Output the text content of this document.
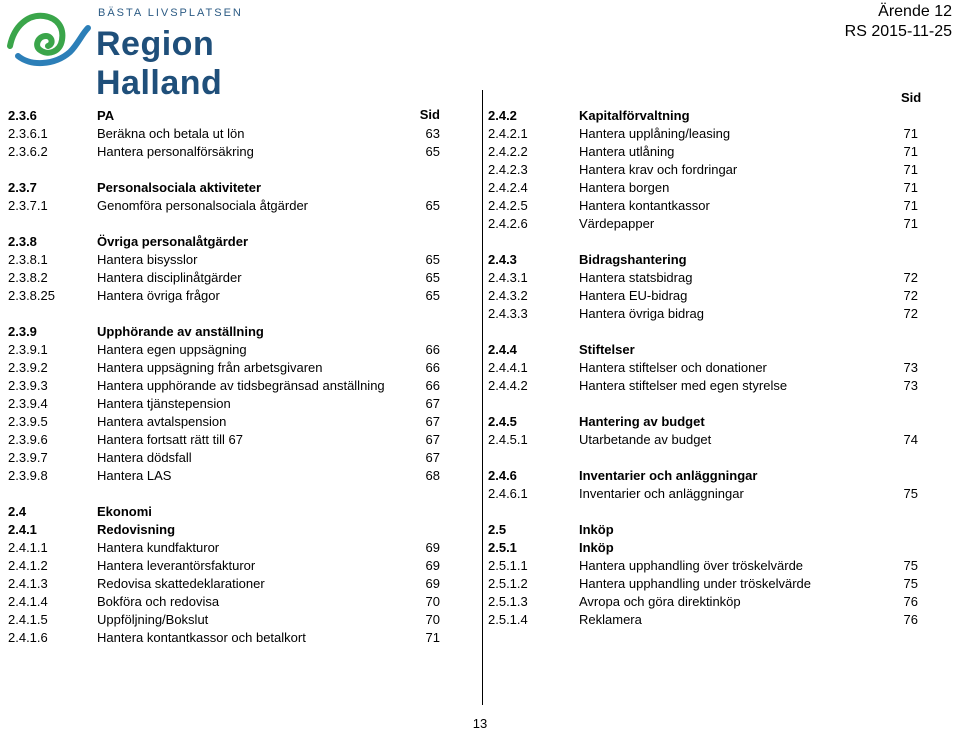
BÄSTA LIVSPLATSEN
Region Halland
Ärende 12
RS 2015-11-25
Sid
Sid
2.3.6	PA
2.3.6.1	Beräkna och betala ut lön	63
2.3.6.2	Hantera personalförsäkring	65
2.3.7	Personalsociala aktiviteter
2.3.7.1	Genomföra personalsociala åtgärder	65
2.3.8	Övriga personalåtgärder
2.3.8.1	Hantera bisysslor	65
2.3.8.2	Hantera disciplinåtgärder	65
2.3.8.25	Hantera övriga frågor	65
2.3.9	Upphörande av anställning
2.3.9.1	Hantera egen uppsägning	66
2.3.9.2	Hantera uppsägning från arbetsgivaren	66
2.3.9.3	Hantera upphörande av tidsbegränsad anställning	66
2.3.9.4	Hantera tjänstepension	67
2.3.9.5	Hantera avtalspension	67
2.3.9.6	Hantera fortsatt rätt till 67	67
2.3.9.7	Hantera dödsfall	67
2.3.9.8	Hantera LAS	68
2.4	Ekonomi
2.4.1	Redovisning
2.4.1.1	Hantera kundfakturor	69
2.4.1.2	Hantera leverantörsfakturor	69
2.4.1.3	Redovisa skattedeklarationer	69
2.4.1.4	Bokföra och redovisa	70
2.4.1.5	Uppföljning/Bokslut	70
2.4.1.6	Hantera kontantkassor och betalkort	71
2.4.2	Kapitalförvaltning
2.4.2.1	Hantera upplåning/leasing	71
2.4.2.2	Hantera utlåning	71
2.4.2.3	Hantera krav och fordringar	71
2.4.2.4	Hantera borgen	71
2.4.2.5	Hantera kontantkassor	71
2.4.2.6	Värdepapper	71
2.4.3	Bidragshantering
2.4.3.1	Hantera statsbidrag	72
2.4.3.2	Hantera EU-bidrag	72
2.4.3.3	Hantera övriga bidrag	72
2.4.4	Stiftelser
2.4.4.1	Hantera stiftelser och donationer	73
2.4.4.2	Hantera stiftelser med egen styrelse	73
2.4.5	Hantering av budget
2.4.5.1	Utarbetande av budget	74
2.4.6	Inventarier och anläggningar
2.4.6.1	Inventarier och anläggningar	75
2.5	Inköp
2.5.1	Inköp
2.5.1.1	Hantera upphandling över tröskelvärde	75
2.5.1.2	Hantera upphandling under tröskelvärde	75
2.5.1.3	Avropa och göra direktinköp	76
2.5.1.4	Reklamera	76
13
